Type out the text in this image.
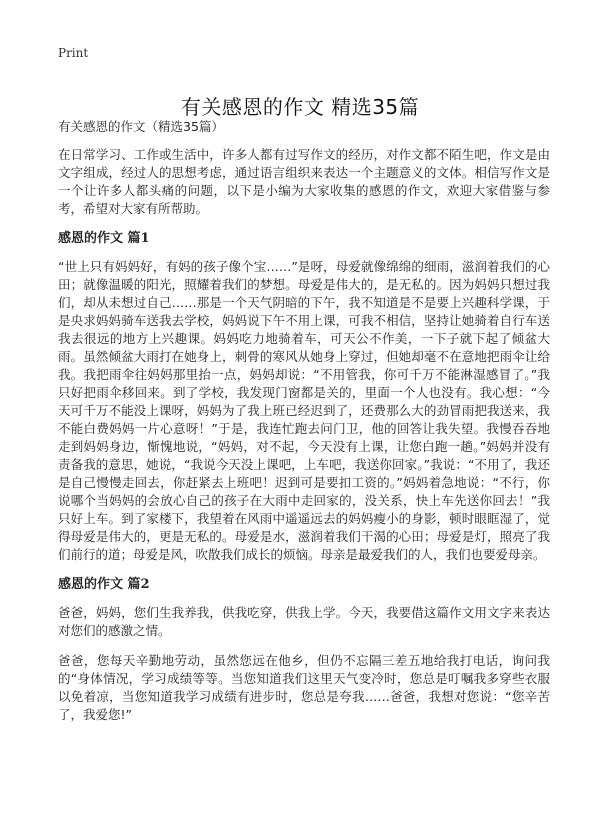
Print
有关感恩的作文 精选35篇
有关感恩的作文（精选35篇）

在日常学习、工作或生活中，许多人都有过写作文的经历，对作文都不陌生吧，作文是由文字组成，经过人的思想考虑，通过语言组织来表达一个主题意义的文体。相信写作文是一个让许多人都头痛的问题，以下是小编为大家收集的感恩的作文，欢迎大家借鉴与参考，希望对大家有所帮助。

感恩的作文 篇1

“世上只有妈妈好，有妈的孩子像个宝……”是呀，母爱就像绵绵的细雨，滋润着我们的心田；就像温暖的阳光，照耀着我们的梦想。母爱是伟大的，是无私的。因为妈妈只想过我们，却从未想过自己……那是一个天气阴暗的下午，我不知道是不是要上兴趣科学课，于是央求妈妈骑车送我去学校，妈妈说下午不用上课，可我不相信，坚持让她骑着自行车送我去很远的地方上兴趣课。妈妈吃力地骑着车，可天公不作美，一下子就下起了倾盆大雨。虽然倾盆大雨打在她身上，刺骨的寒风从她身上穿过，但她却毫不在意地把雨伞让给我。我把雨伞往妈妈那里抬一点，妈妈却说：“不用管我，你可千万不能淋湿感冒了。”我只好把雨伞移回来。到了学校，我发现门窗都是关的，里面一个人也没有。我心想：“今天可千万不能没上课呀，妈妈为了我上班已经迟到了，还费那么大的劲冒雨把我送来，我不能白费妈妈一片心意呀！”于是，我连忙跑去问门卫，他的回答让我失望。我慢吞吞地走到妈妈身边，惭愧地说，“妈妈，对不起，今天没有上课，让您白跑一趟。”妈妈并没有责备我的意思，她说，“我说今天没上课吧，上车吧，我送你回家。”我说：“不用了，我还是自己慢慢走回去，你赶紧去上班吧！迟到可是要扣工资的。”妈妈着急地说：“不行，你说哪个当妈妈的会放心自己的孩子在大雨中走回家的，没关系，快上车先送你回去！”我只好上车。到了家楼下，我望着在风雨中遥遥远去的妈妈瘦小的身影，顿时眼眶湿了，觉得母爱是伟大的，更是无私的。母爱是水，滋润着我们干渴的心田；母爱是灯，照亮了我们前行的道；母爱是风，吹散我们成长的烦恼。母亲是最爱我们的人，我们也要爱母亲。

感恩的作文 篇2

爸爸，妈妈，您们生我养我，供我吃穿，供我上学。今天，我要借这篇作文用文字来表达对您们的感激之情。

爸爸，您每天辛勤地劳动，虽然您远在他乡，但仍不忘隔三差五地给我打电话，询问我的“身体情况，学习成绩等等。当您知道我们这里天气变冷时，您总是叮嘱我多穿些衣服以免着凉，当您知道我学习成绩有进步时，您总是夸我……爸爸，我想对您说：“您辛苦了，我爱您!”
